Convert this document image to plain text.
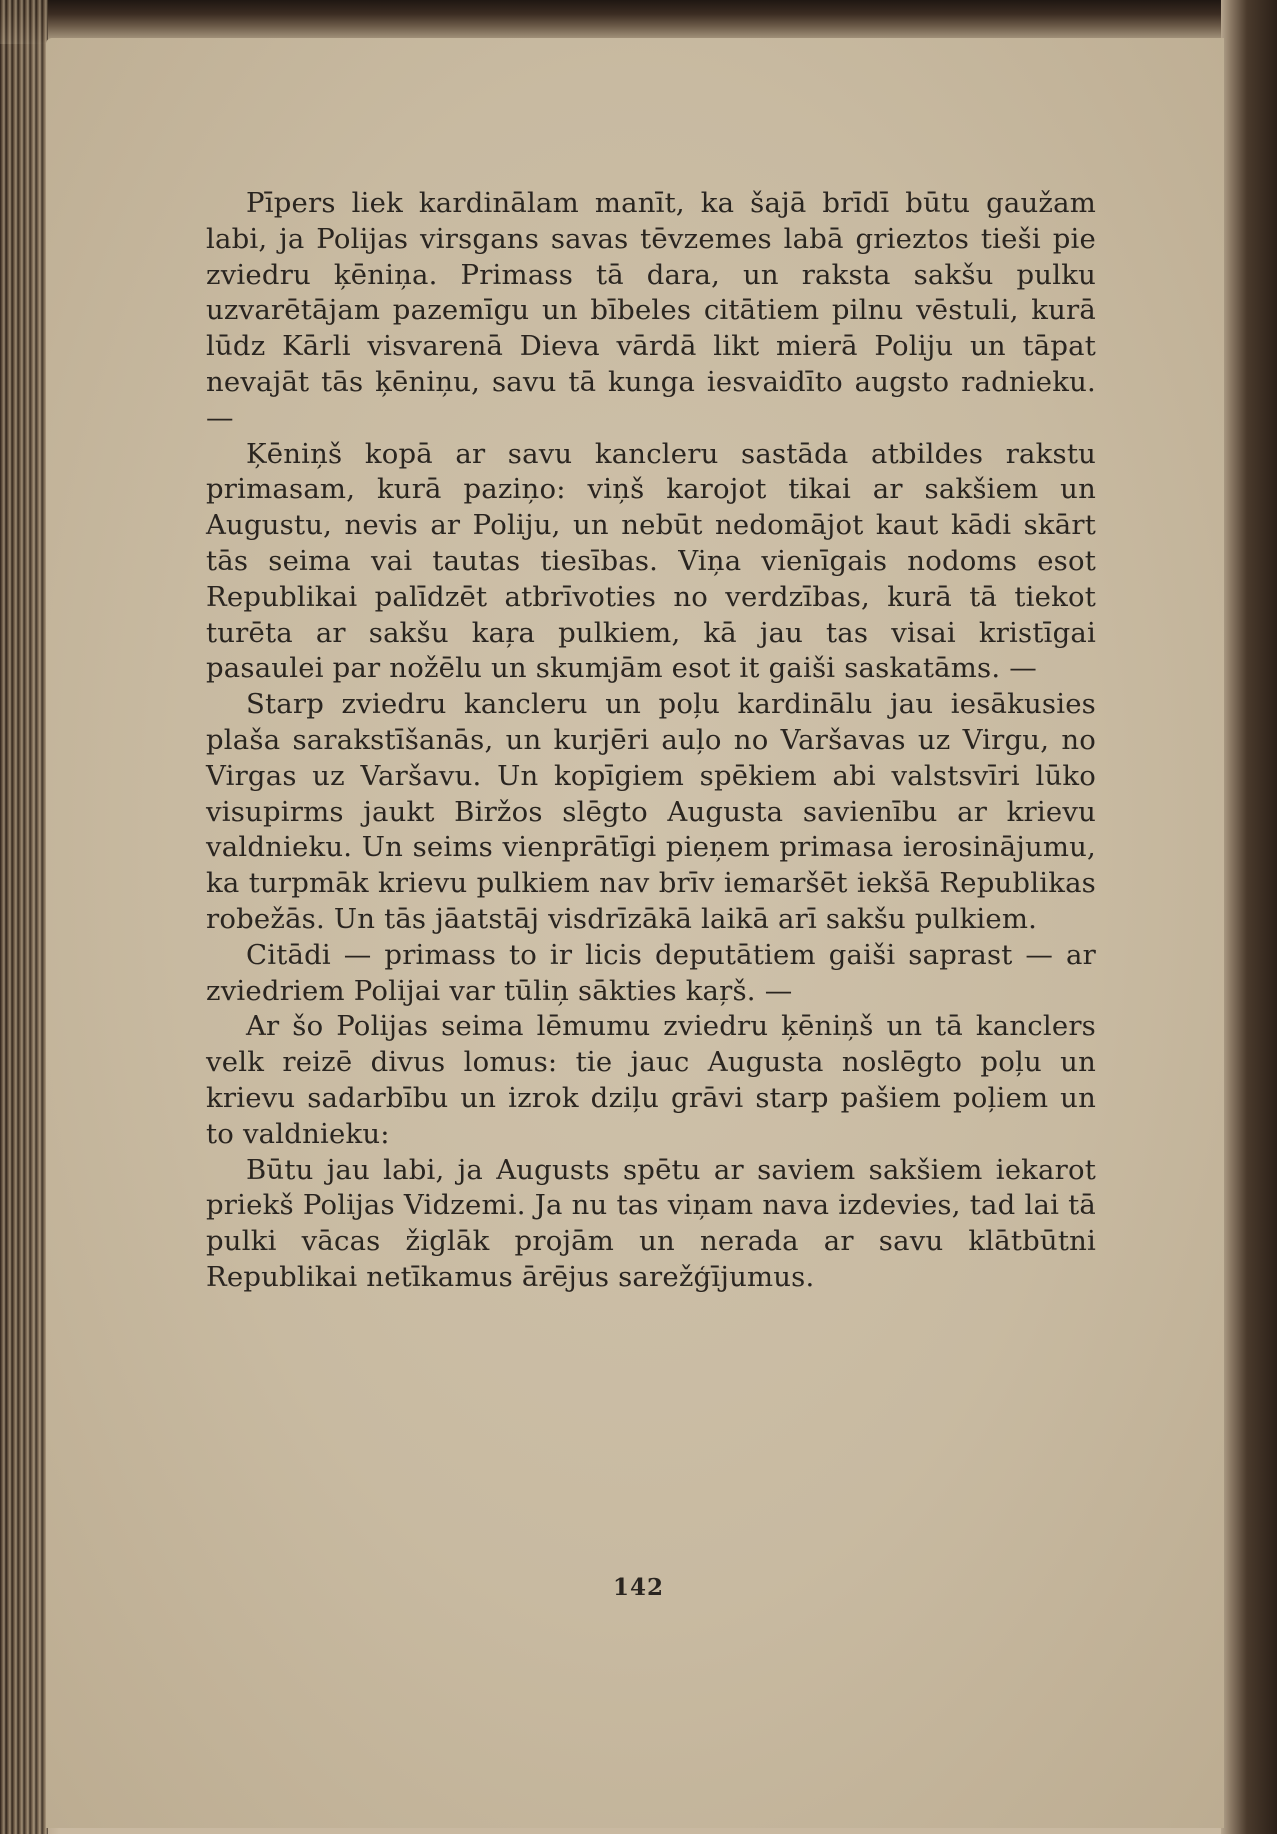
Pīpers liek kardinālam manīt, ka šajā brīdī būtu gaužam labi, ja Polijas virsgans savas tēvzemes labā grieztos tieši pie zviedru ķēniņa. Primass tā dara, un raksta sakšu pulku uzvarētājam pazemīgu un bībeles citātiem pilnu vēstuli, kurā lūdz Kārli visvarenā Dieva vārdā likt mierā Poliju un tāpat nevajāt tās ķēniņu, savu tā kunga iesvaidīto augsto radnieku. —

Ķēniņš kopā ar savu kancleru sastāda atbildes rakstu primasam, kurā paziņo: viņš karojot tikai ar sakšiem un Augustu, nevis ar Poliju, un nebūt nedomājot kaut kādi skārt tās seima vai tautas tiesības. Viņa vienīgais nodoms esot Republikai palīdzēt atbrīvoties no verdzības, kurā tā tiekot turēta ar sakšu kaŗa pulkiem, kā jau tas visai kristīgai pasaulei par nožēlu un skumjām esot it gaiši saskatāms. —

Starp zviedru kancleru un poļu kardinālu jau iesākusies plaša sarakstīšanās, un kurjēri auļo no Varšavas uz Virgu, no Virgas uz Varšavu. Un kopīgiem spēkiem abi valstsvīri lūko visupirms jaukt Biržos slēgto Augusta savienību ar krievu valdnieku. Un seims vienprātīgi pieņem primasa ierosinājumu, ka turpmāk krievu pulkiem nav brīv iemaršēt iekšā Republikas robežās. Un tās jāatstāj visdrīzākā laikā arī sakšu pulkiem.

Citādi — primass to ir licis deputātiem gaiši saprast — ar zviedriem Polijai var tūliņ sākties kaŗš. —

Ar šo Polijas seima lēmumu zviedru ķēniņš un tā kanclers velk reizē divus lomus: tie jauc Augusta noslēgto poļu un krievu sadarbību un izrok dziļu grāvi starp pašiem poļiem un to valdnieku:

Būtu jau labi, ja Augusts spētu ar saviem sakšiem iekarot priekš Polijas Vidzemi. Ja nu tas viņam nava izdevies, tad lai tā pulki vācas žiglāk projām un nerada ar savu klātbūtni Republikai netīkamus ārējus sarežģījumus.

142
